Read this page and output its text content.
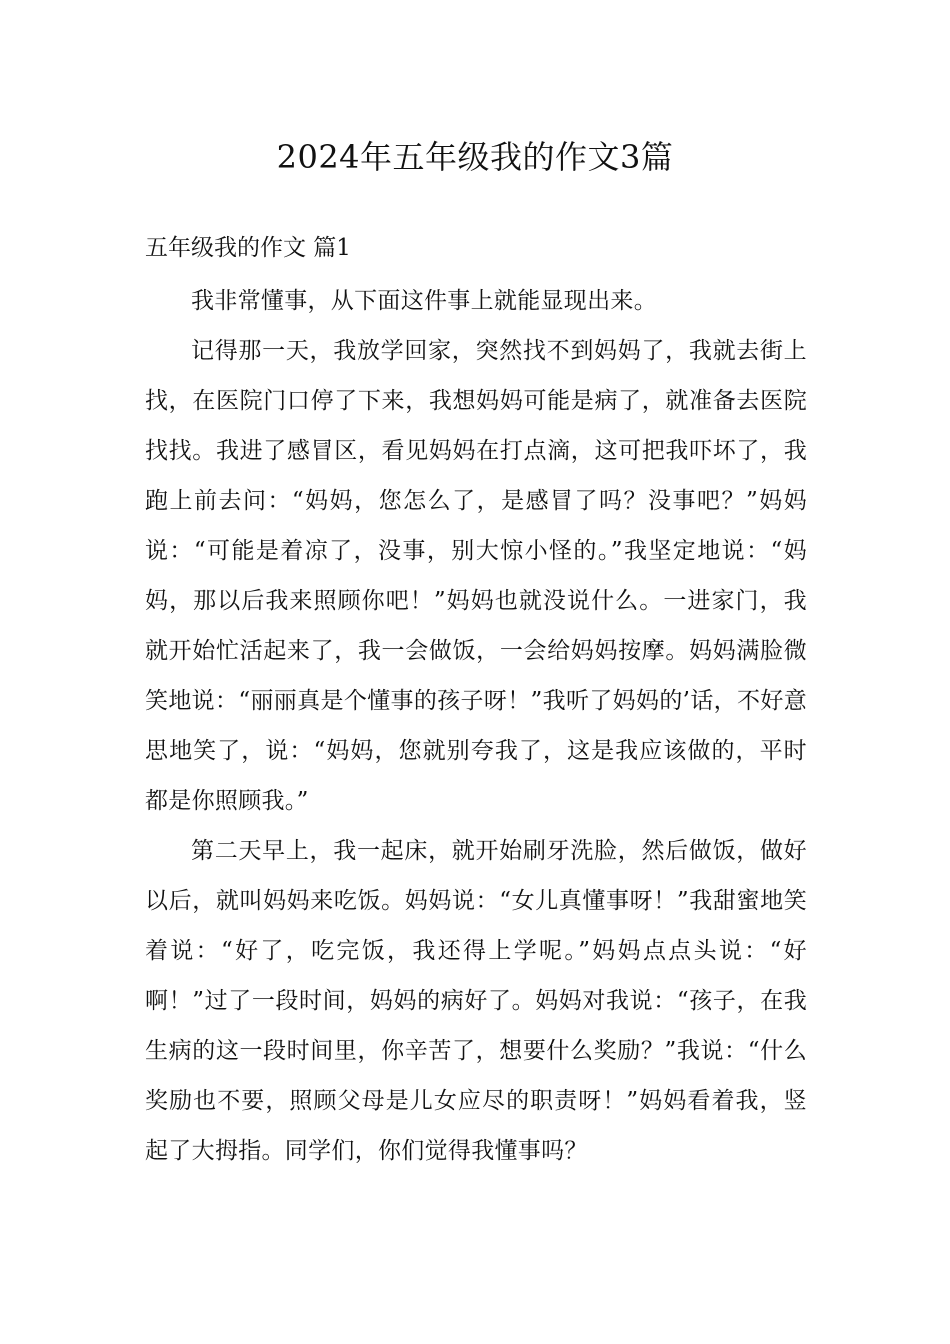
2024年五年级我的作文3篇
五年级我的作文 篇1

我非常懂事，从下面这件事上就能显现出来。

记得那一天，我放学回家，突然找不到妈妈了，我就去街上找，在医院门口停了下来，我想妈妈可能是病了，就准备去医院找找。我进了感冒区，看见妈妈在打点滴，这可把我吓坏了，我跑上前去问：“妈妈，您怎么了，是感冒了吗？没事吧？”妈妈说：“可能是着凉了，没事，别大惊小怪的。”我坚定地说：“妈妈，那以后我来照顾你吧！”妈妈也就没说什么。一进家门，我就开始忙活起来了，我一会做饭，一会给妈妈按摩。妈妈满脸微笑地说：“丽丽真是个懂事的孩子呀！”我听了妈妈的’话，不好意思地笑了，说：“妈妈，您就别夸我了，这是我应该做的，平时都是你照顾我。”

第二天早上，我一起床，就开始刷牙洗脸，然后做饭，做好以后，就叫妈妈来吃饭。妈妈说：“女儿真懂事呀！”我甜蜜地笑着说：“好了，吃完饭，我还得上学呢。”妈妈点点头说：“好啊！”过了一段时间，妈妈的病好了。妈妈对我说：“孩子，在我生病的这一段时间里，你辛苦了，想要什么奖励？”我说：“什么奖励也不要，照顾父母是儿女应尽的职责呀！”妈妈看着我，竖起了大拇指。同学们，你们觉得我懂事吗？
